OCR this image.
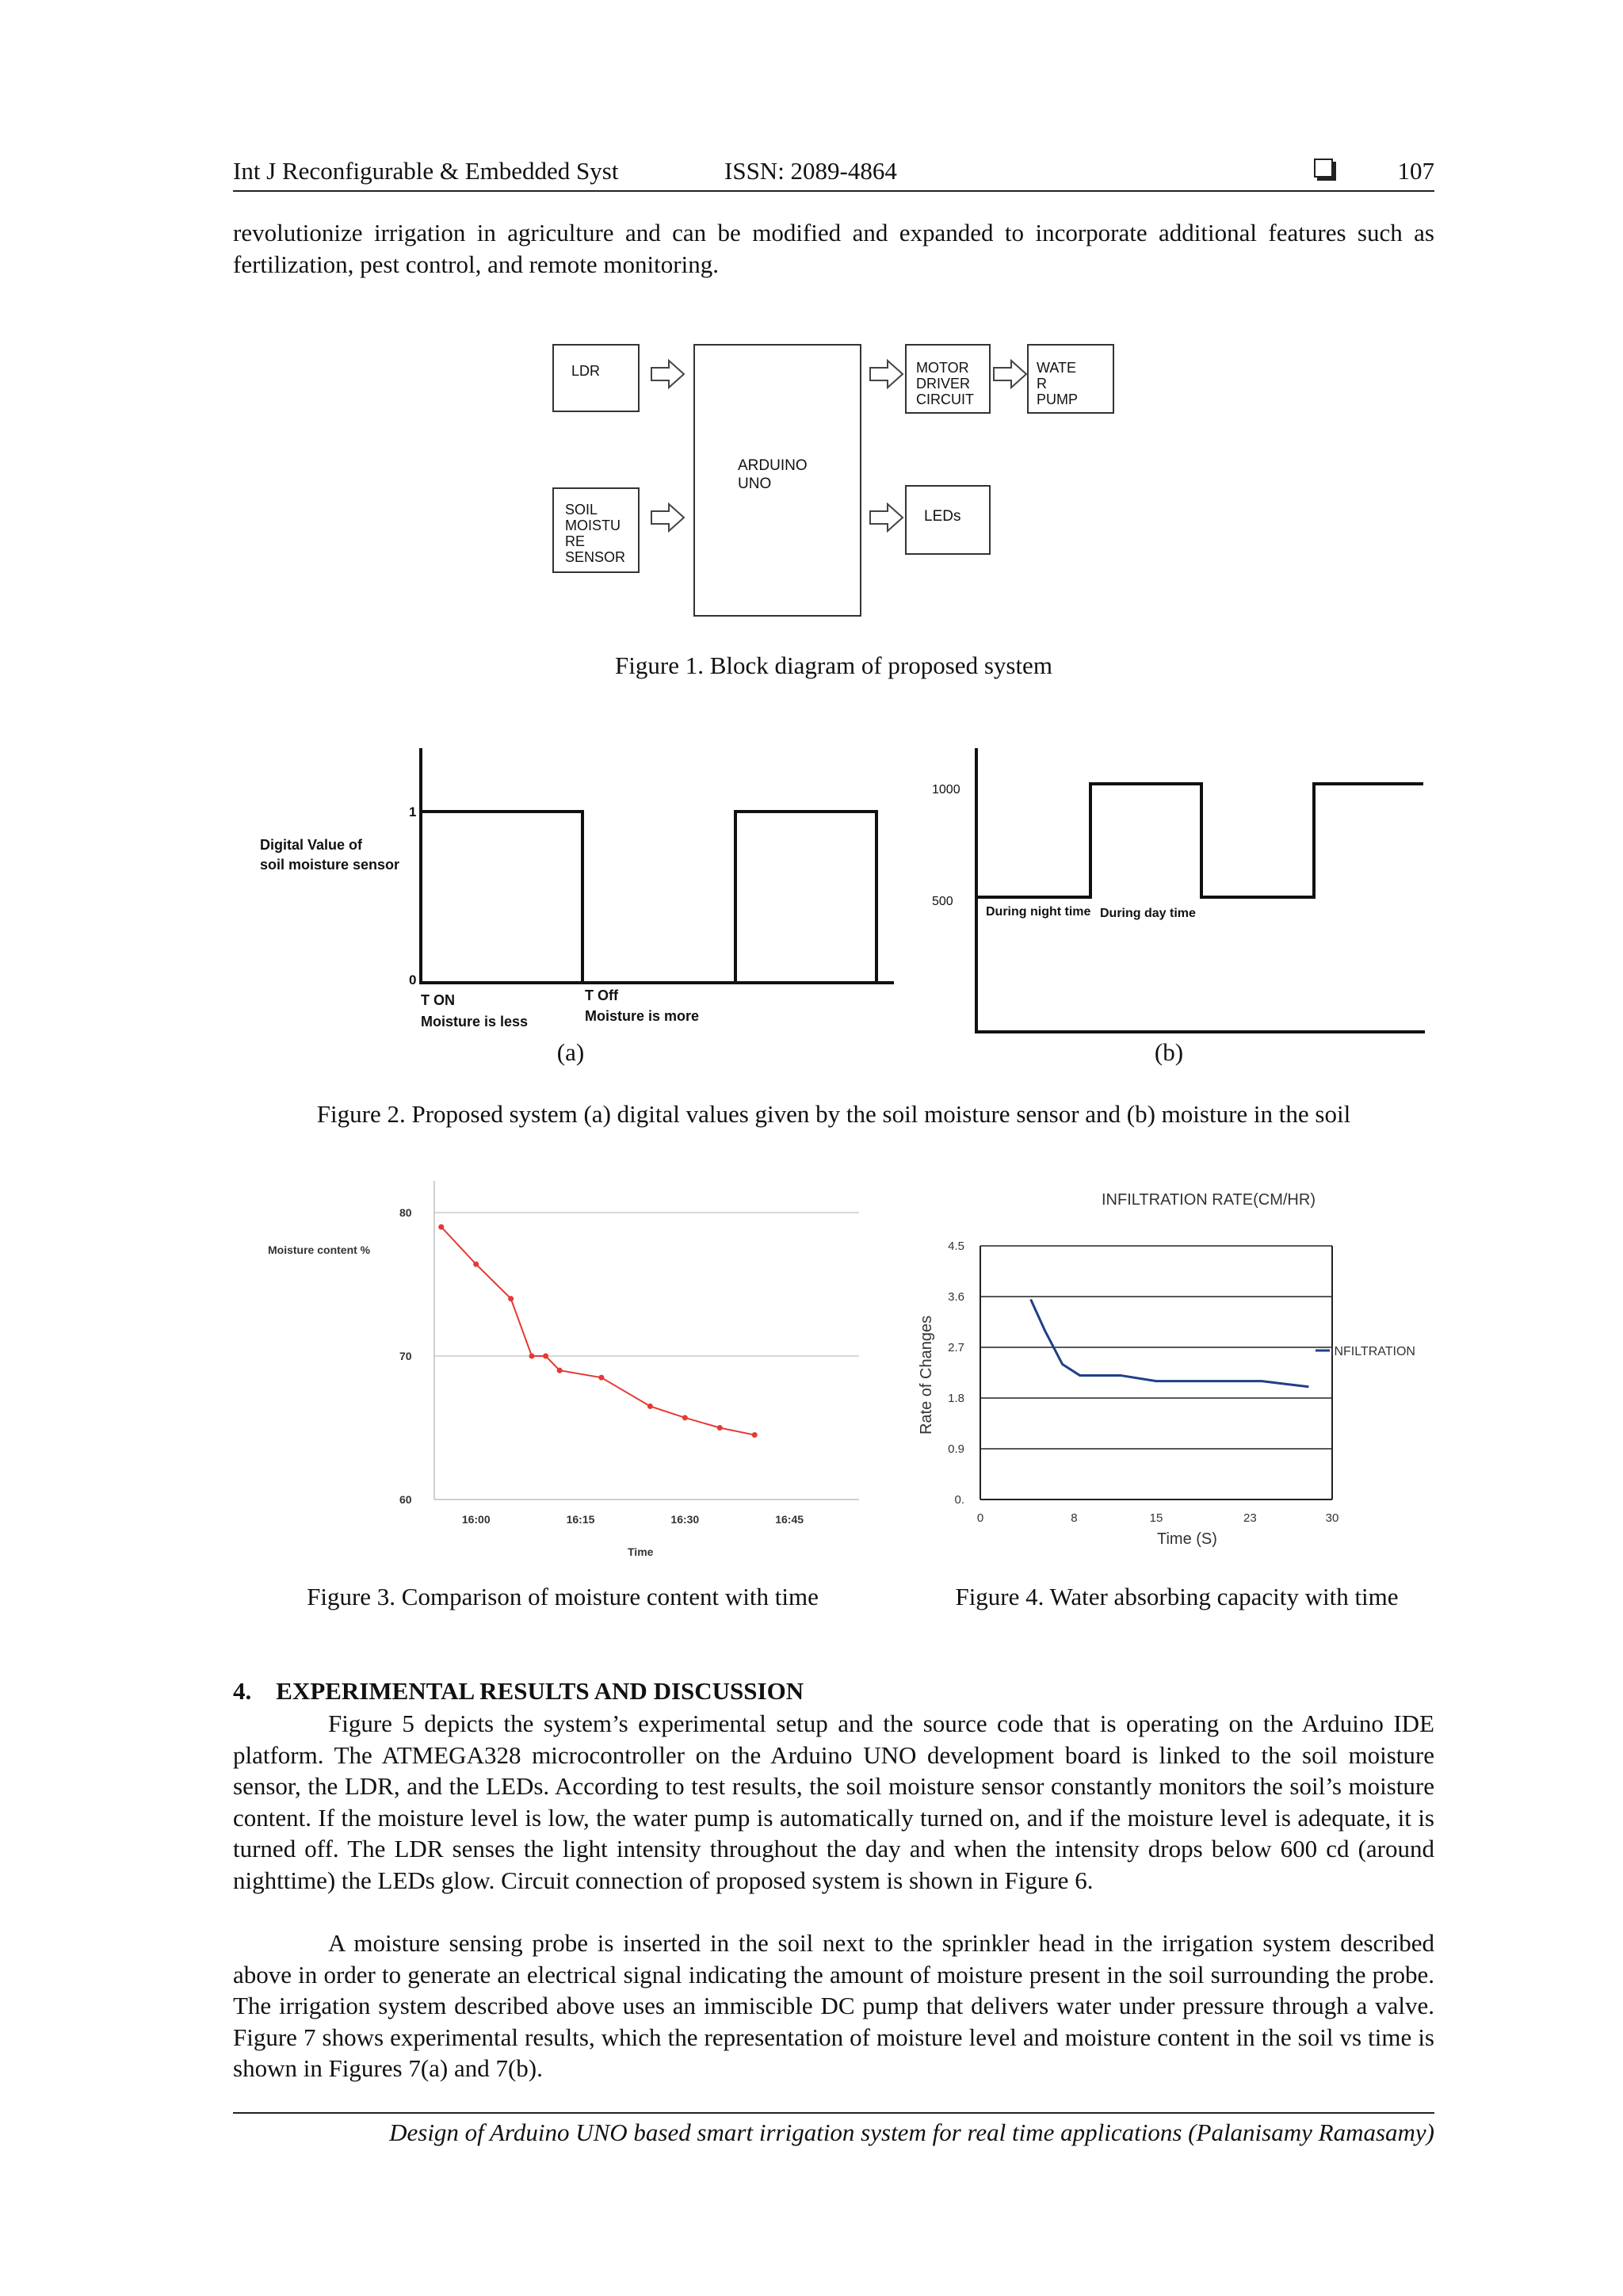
Int J Reconfigurable & Embedded Syst	ISSN: 2089-4864	107
revolutionize irrigation in agriculture and can be modified and expanded to incorporate additional features such as fertilization, pest control, and remote monitoring.
LDR
SOIL
MOISTU
RE
SENSOR
ARDUINO
UNO
MOTOR
DRIVER
CIRCUIT
WATE
R
PUMP
LEDs
Figure 1. Block diagram of proposed system
1
0
Digital Value of
soil moisture sensor
T ON
Moisture is less
T Off
Moisture is more
(a)
1000
500
During night time During day time
(b)
Figure 2. Proposed system (a) digital values given by the soil moisture sensor and (b) moisture in the soil
60
70
80
16:00	16:15	16:30	16:45
Moisture content %
Time
Figure 3. Comparison of moisture content with time
INFILTRATION RATE(CM/HR)
0.
0.9
1.8
2.7
3.6
4.5
0	8	15	23	30
INFILTRATION
Rate of Changes
Time (S)
Figure 4. Water absorbing capacity with time
4.    EXPERIMENTAL RESULTS AND DISCUSSION
Figure 5 depicts the system’s experimental setup and the source code that is operating on the Arduino IDE platform. The ATMEGA328 microcontroller on the Arduino UNO development board is linked to the soil moisture sensor, the LDR, and the LEDs. According to test results, the soil moisture sensor constantly monitors the soil’s moisture content. If the moisture level is low, the water pump is automatically turned on, and if the moisture level is adequate, it is turned off. The LDR senses the light intensity throughout the day and when the intensity drops below 600 cd (around nighttime) the LEDs glow. Circuit connection of proposed system is shown in Figure 6.
A moisture sensing probe is inserted in the soil next to the sprinkler head in the irrigation system described above in order to generate an electrical signal indicating the amount of moisture present in the soil surrounding the probe. The irrigation system described above uses an immiscible DC pump that delivers water under pressure through a valve. Figure 7 shows experimental results, which the representation of moisture level and moisture content in the soil vs time is shown in Figures 7(a) and 7(b).
Design of Arduino UNO based smart irrigation system for real time applications (Palanisamy Ramasamy)
